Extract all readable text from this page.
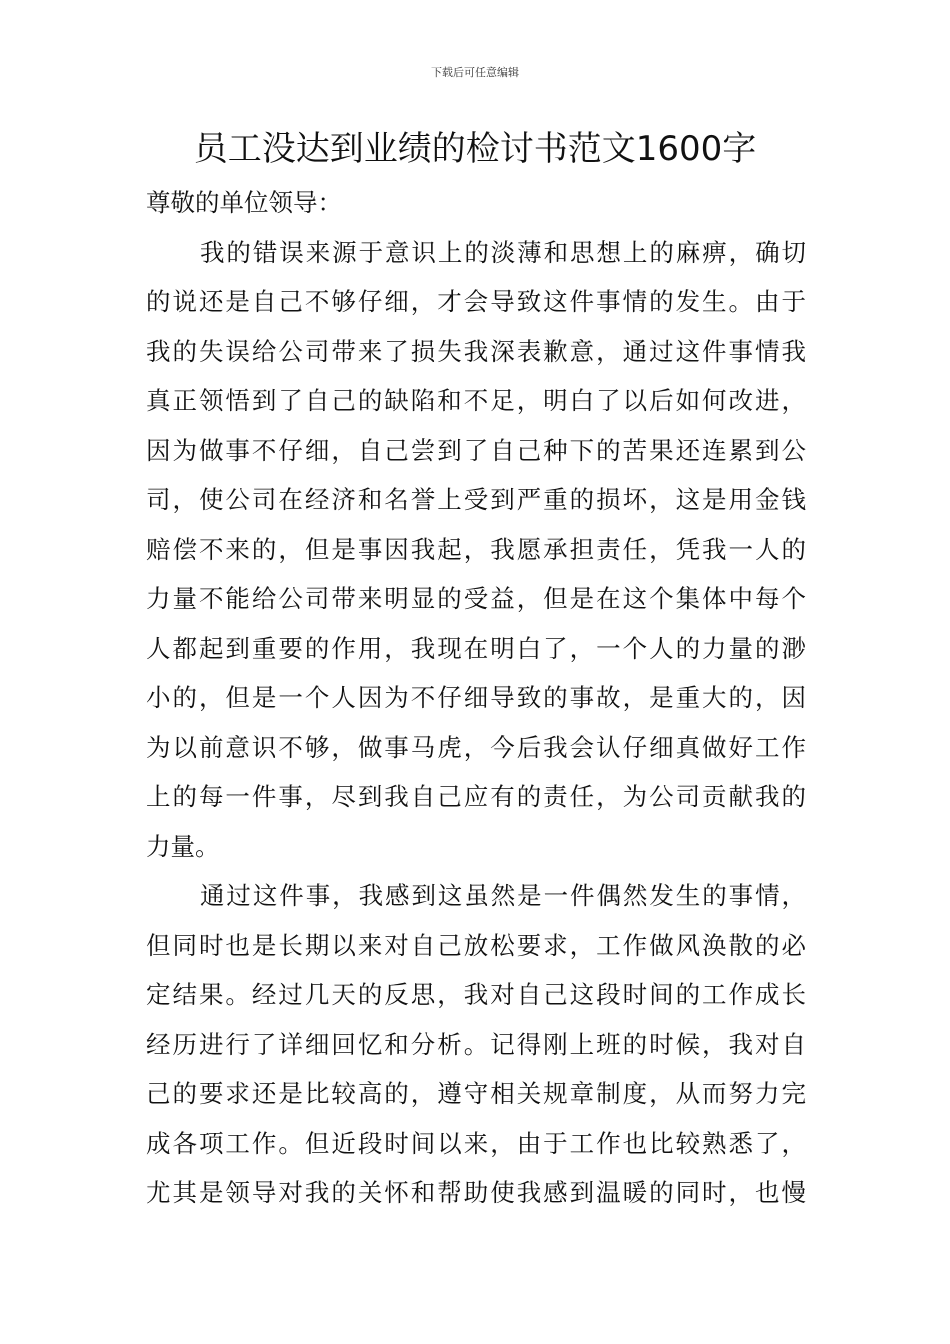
下载后可任意编辑
员工没达到业绩的检讨书范文1600字
尊敬的单位领导：
我的错误来源于意识上的淡薄和思想上的麻痹，确切
的说还是自己不够仔细，才会导致这件事情的发生。由于
我的失误给公司带来了损失我深表歉意，通过这件事情我
真正领悟到了自己的缺陷和不足，明白了以后如何改进，
因为做事不仔细，自己尝到了自己种下的苦果还连累到公
司，使公司在经济和名誉上受到严重的损坏，这是用金钱
赔偿不来的，但是事因我起，我愿承担责任，凭我一人的
力量不能给公司带来明显的受益，但是在这个集体中每个
人都起到重要的作用，我现在明白了，一个人的力量的渺
小的，但是一个人因为不仔细导致的事故，是重大的，因
为以前意识不够，做事马虎，今后我会认仔细真做好工作
上的每一件事，尽到我自己应有的责任，为公司贡献我的
力量。
通过这件事，我感到这虽然是一件偶然发生的事情，
但同时也是长期以来对自己放松要求，工作做风涣散的必
定结果。经过几天的反思，我对自己这段时间的工作成长
经历进行了详细回忆和分析。记得刚上班的时候，我对自
己的要求还是比较高的，遵守相关规章制度，从而努力完
成各项工作。但近段时间以来，由于工作也比较熟悉了，
尤其是领导对我的关怀和帮助使我感到温暖的同时，也慢
